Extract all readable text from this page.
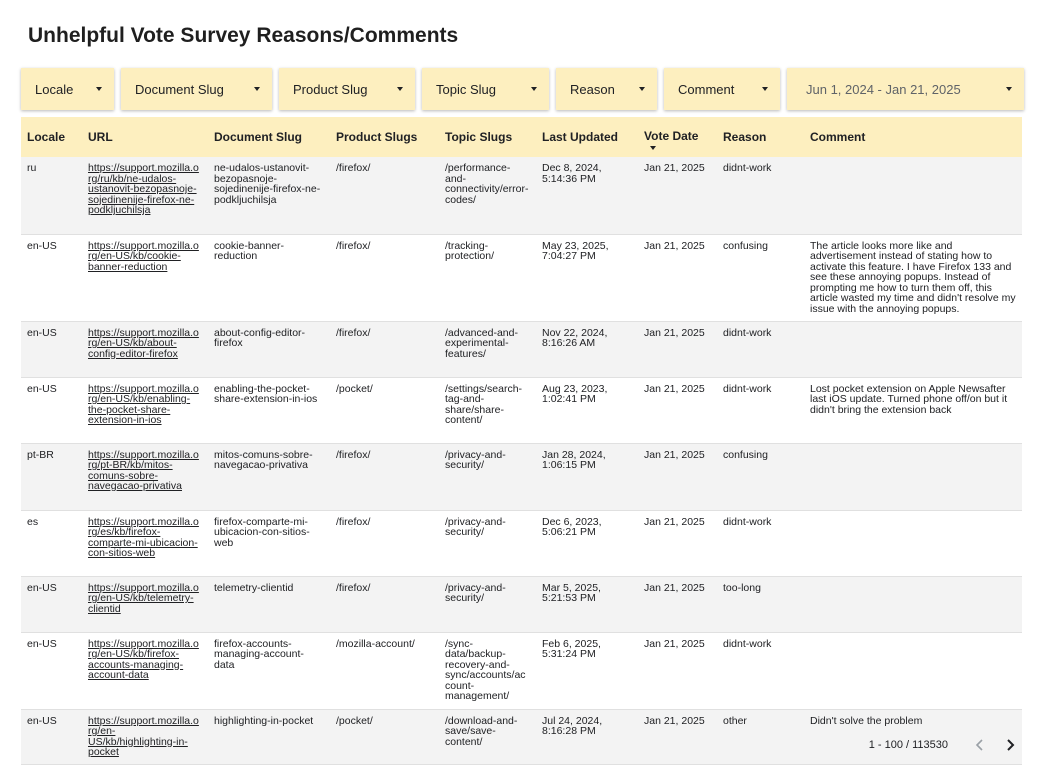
Unhelpful Vote Survey Reasons/Comments
Locale	Document Slug	Product Slug	Topic Slug	Reason	Comment	Jun 1, 2024 - Jan 21, 2025
Locale	URL	Document Slug	Product Slugs	Topic Slugs	Last Updated	Vote Date	Reason	Comment
ru	https://support.mozilla.org/ru/kb/ne-udalos-ustanovit-bezopasnoje-sojedinenije-firefox-ne-podkljuchilsja	ne-udalos-ustanovit-bezopasnoje-sojedinenije-firefox-ne-podkljuchilsja	/firefox/	/performance-and-connectivity/error-codes/	Dec 8, 2024, 5:14:36 PM	Jan 21, 2025	didnt-work	
en-US	https://support.mozilla.org/en-US/kb/cookie-banner-reduction	cookie-banner-reduction	/firefox/	/tracking-protection/	May 23, 2025, 7:04:27 PM	Jan 21, 2025	confusing	The article looks more like and advertisement instead of stating how to activate this feature. I have Firefox 133 and see these annoying popups. Instead of prompting me how to turn them off, this article wasted my time and didn't resolve my issue with the annoying popups.
en-US	https://support.mozilla.org/en-US/kb/about-config-editor-firefox	about-config-editor-firefox	/firefox/	/advanced-and-experimental-features/	Nov 22, 2024, 8:16:26 AM	Jan 21, 2025	didnt-work	
en-US	https://support.mozilla.org/en-US/kb/enabling-the-pocket-share-extension-in-ios	enabling-the-pocket-share-extension-in-ios	/pocket/	/settings/search-tag-and-share/share-content/	Aug 23, 2023, 1:02:41 PM	Jan 21, 2025	didnt-work	Lost pocket extension on Apple Newsafter last iOS update. Turned phone off/on but it didn't bring the extension back
pt-BR	https://support.mozilla.org/pt-BR/kb/mitos-comuns-sobre-navegacao-privativa	mitos-comuns-sobre-navegacao-privativa	/firefox/	/privacy-and-security/	Jan 28, 2024, 1:06:15 PM	Jan 21, 2025	confusing	
es	https://support.mozilla.org/es/kb/firefox-comparte-mi-ubicacion-con-sitios-web	firefox-comparte-mi-ubicacion-con-sitios-web	/firefox/	/privacy-and-security/	Dec 6, 2023, 5:06:21 PM	Jan 21, 2025	didnt-work	
en-US	https://support.mozilla.org/en-US/kb/telemetry-clientid	telemetry-clientid	/firefox/	/privacy-and-security/	Mar 5, 2025, 5:21:53 PM	Jan 21, 2025	too-long	
en-US	https://support.mozilla.org/en-US/kb/firefox-accounts-managing-account-data	firefox-accounts-managing-account-data	/mozilla-account/	/sync-data/backup-recovery-and-sync/accounts/account-management/	Feb 6, 2025, 5:31:24 PM	Jan 21, 2025	didnt-work	
en-US	https://support.mozilla.org/en-US/kb/highlighting-in-pocket	highlighting-in-pocket	/pocket/	/download-and-save/save-content/	Jul 24, 2024, 8:16:28 PM	Jan 21, 2025	other	Didn't solve the problem
1 - 100 / 113530
